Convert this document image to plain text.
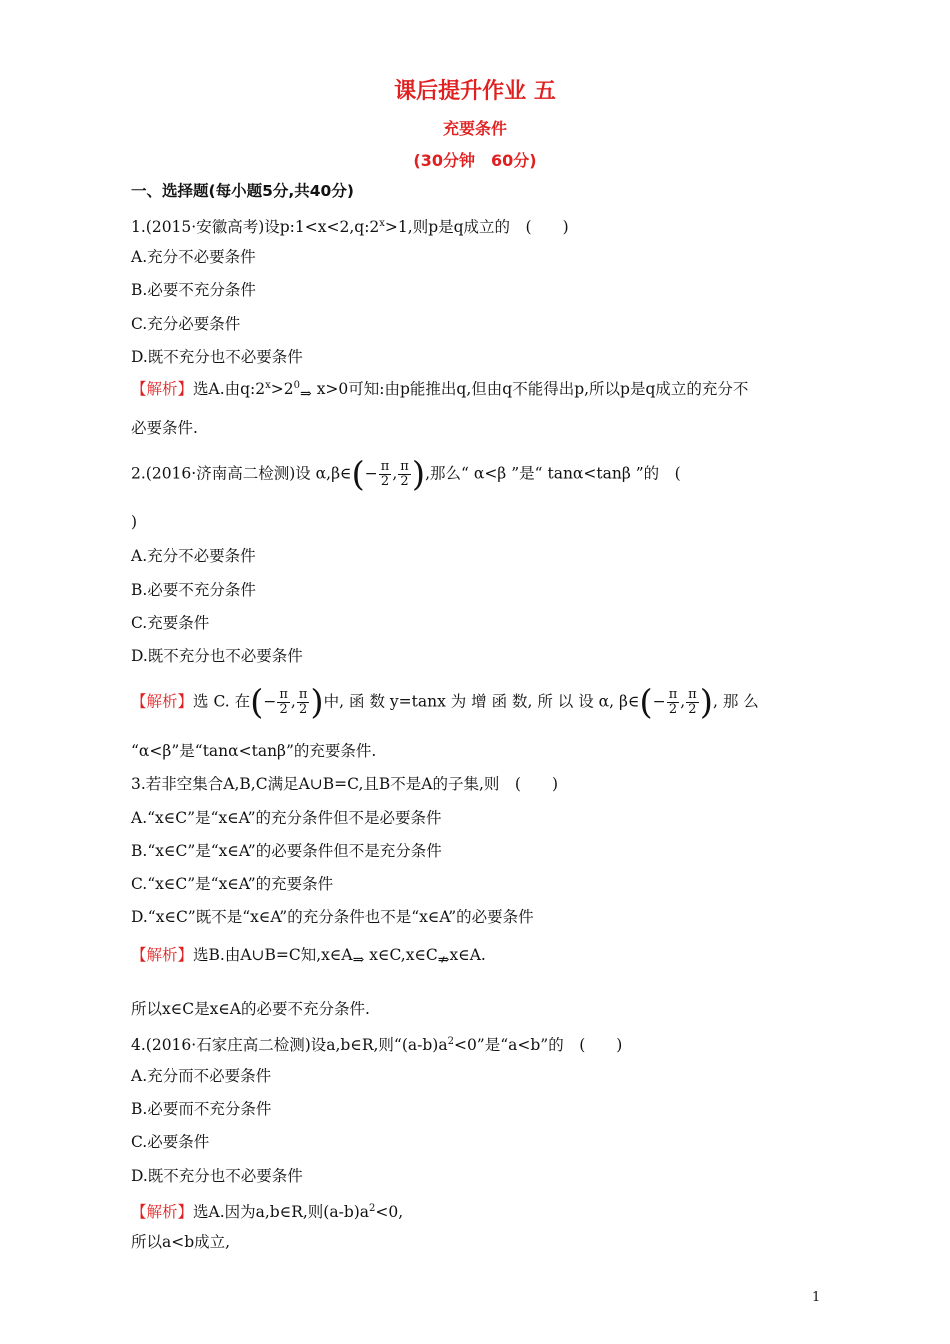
课后提升作业 五
充要条件
(30分钟　60分)
一、选择题(每小题5分,共40分)
1.(2015·安徽高考)设$p:1<x<2,q:2^x>1$,则p是q成立的　(　　)
A.充分不必要条件
B.必要不充分条件
C.充分必要条件
D.既不充分也不必要条件
【解析】选A.由$q:2^x>2^0\Rightarrow$ x>0可知:由p能推出q,但由q不能得出p,所以p是q成立的充分不
必要条件.
2.(2016·济南高二检测)设 α,β∈(− $\frac{\pi}{2}$ , $\frac{\pi}{2}$ ),那么“ α<β ”是“ tanα<tanβ ”的　(
)
A.充分不必要条件
B.必要不充分条件
C.充要条件
D.既不充分也不必要条件
【解析】选 C. 在(− $\frac{\pi}{2}$ , $\frac{\pi}{2}$ )中, 函 数 y=tanx 为 增 函 数, 所 以 设 α, β∈(− $\frac{\pi}{2}$ , $\frac{\pi}{2}$ ), 那 么
“α<β”是“tanα<tanβ”的充要条件.
3.若非空集合A,B,C满足A∪B=C,且B不是A的子集,则　(　　)
A.“x∈C”是“x∈A”的充分条件但不是必要条件
B.“x∈C”是“x∈A”的必要条件但不是充分条件
C.“x∈C”是“x∈A”的充要条件
D.“x∈C”既不是“x∈A”的充分条件也不是“x∈A”的必要条件
【解析】选B.由A∪B=C知,x∈A⇒ x∈C,x∈C⇏x∈A.
所以x∈C是x∈A的必要不充分条件.
4.(2016·石家庄高二检测)设a,b∈R,则“$(a-b)a^2<0$”是“a<b”的　(　　)
A.充分而不必要条件
B.必要而不充分条件
C.必要条件
D.既不充分也不必要条件
【解析】选A.因为a,b∈R,则$(a-b)a^2<0$,
所以a<b成立,
1
